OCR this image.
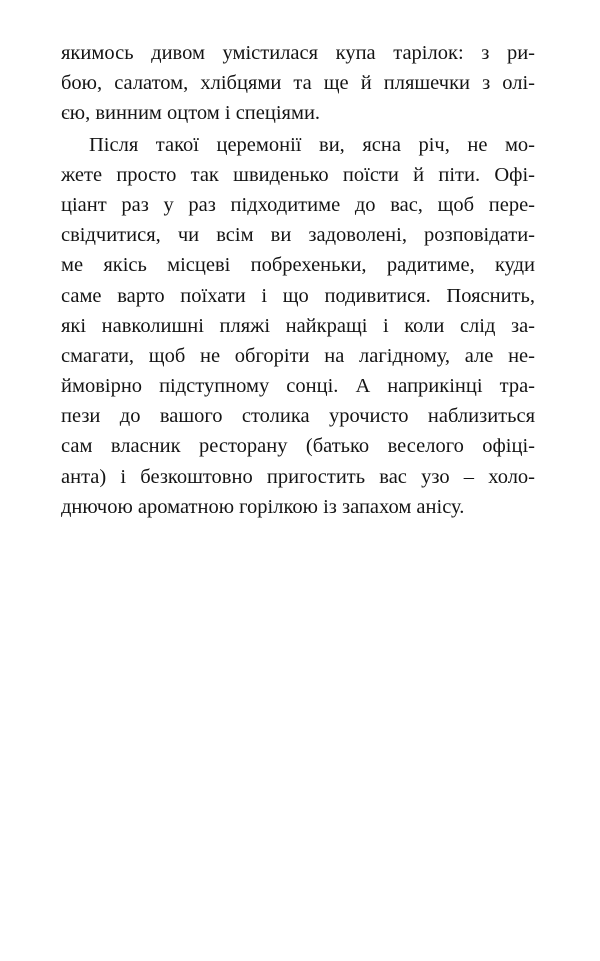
якимось дивом умістилася купа тарілок: з ри-
бою, салатом, хлібцями та ще й пляшечки з олі-
єю, винним оцтом і спеціями.
Після такої церемонії ви, ясна річ, не мо-
жете просто так швиденько поїсти й піти. Офі-
ціант раз у раз підходитиме до вас, щоб пере-
свідчитися, чи всім ви задоволені, розповідати-
ме якісь місцеві побрехеньки, радитиме, куди
саме варто поїхати і що подивитися. Пояснить,
які навколишні пляжі найкращі і коли слід за-
смагати, щоб не обгоріти на лагідному, але не-
ймовірно підступному сонці. А наприкінці тра-
пези до вашого столика урочисто наблизиться
сам власник ресторану (батько веселого офіці-
анта) і безкоштовно пригостить вас узо – холо-
днючою ароматною горілкою із запахом анісу.
